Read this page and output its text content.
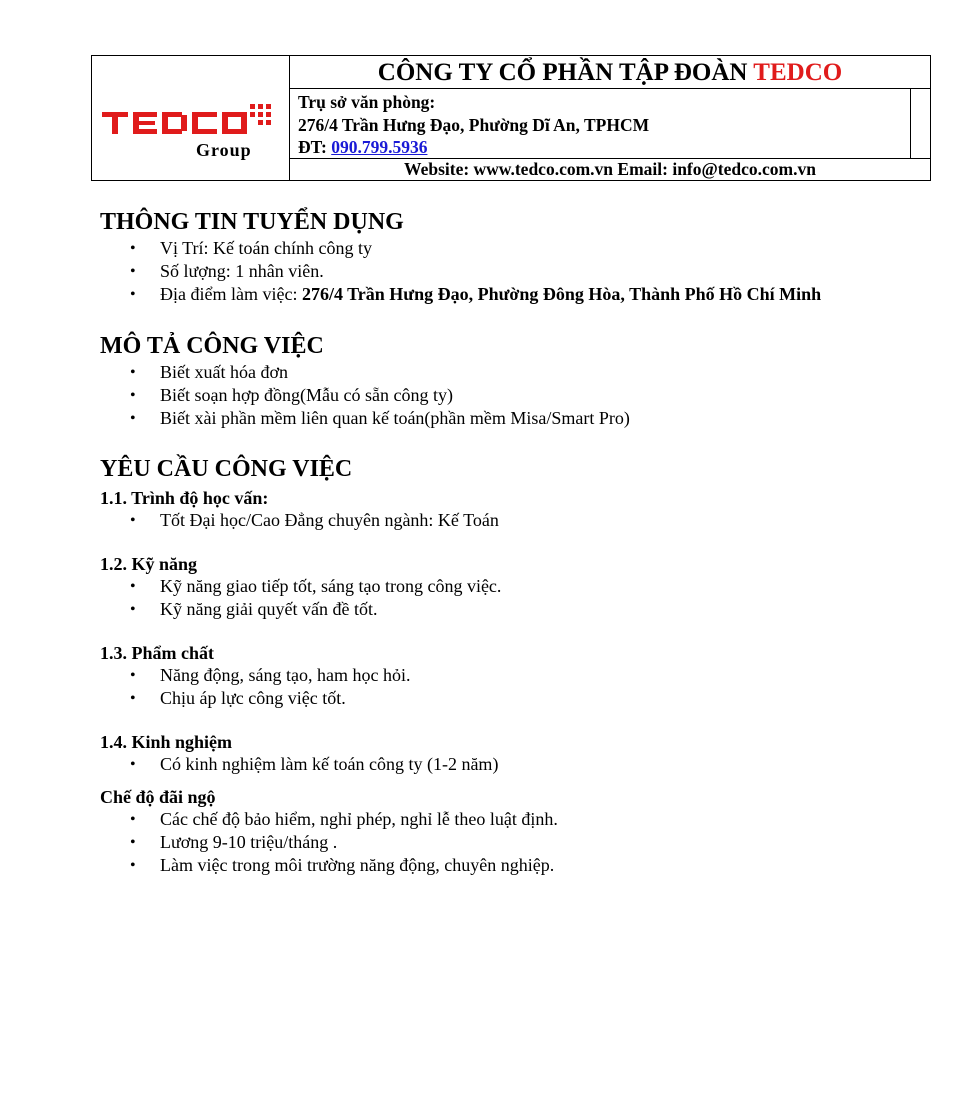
Group
CÔNG TY CỔ PHẦN TẬP ĐOÀN TEDCO
Trụ sở văn phòng:
276/4 Trần Hưng Đạo, Phường Dĩ An, TPHCM
ĐT: 090.799.5936
Website: www.tedco.com.vn Email: info@tedco.com.vn
THÔNG TIN TUYỂN DỤNG
• Vị Trí: Kế toán chính công ty
• Số lượng: 1 nhân viên.
• Địa điểm làm việc: 276/4 Trần Hưng Đạo, Phường Đông Hòa, Thành Phố Hồ Chí Minh
MÔ TẢ CÔNG VIỆC
• Biết xuất hóa đơn
• Biết soạn hợp đồng(Mẫu có sẵn công ty)
• Biết xài phần mềm liên quan kế toán(phần mềm Misa/Smart Pro)
YÊU CẦU CÔNG VIỆC
1.1. Trình độ học vấn:
• Tốt Đại học/Cao Đẳng chuyên ngành: Kế Toán
1.2. Kỹ năng
• Kỹ năng giao tiếp tốt, sáng tạo trong công việc.
• Kỹ năng giải quyết vấn đề tốt.
1.3. Phẩm chất
• Năng động, sáng tạo, ham học hỏi.
• Chịu áp lực công việc tốt.
1.4. Kinh nghiệm
• Có kinh nghiệm làm kế toán công ty (1-2 năm)
Chế độ đãi ngộ
• Các chế độ bảo hiểm, nghỉ phép, nghỉ lễ theo luật định.
• Lương 9-10 triệu/tháng .
• Làm việc trong môi trường năng động, chuyên nghiệp.
